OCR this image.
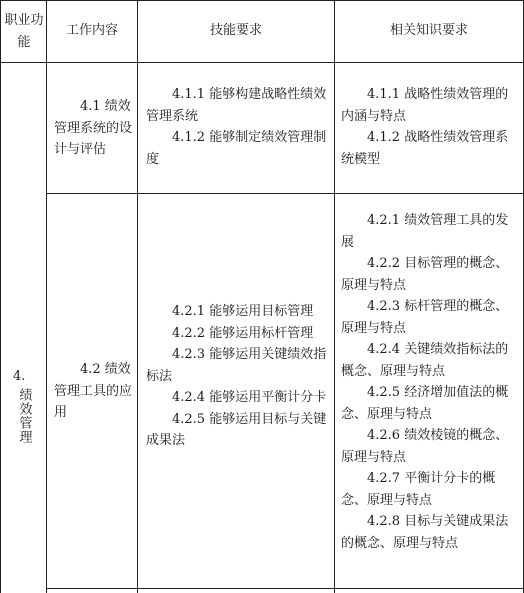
职业功能
工作内容	技能要求	相关知识要求
4.
绩效管理
4.1 绩效管理系统的设计与评估
4.1.1 能够构建战略性绩效管理系统
4.1.2 能够制定绩效管理制度
4.1.1 战略性绩效管理的内涵与特点
4.1.2 战略性绩效管理系统模型
4.2 绩效管理工具的应用
4.2.1 能够运用目标管理
4.2.2 能够运用标杆管理
4.2.3 能够运用关键绩效指标法
4.2.4 能够运用平衡计分卡
4.2.5 能够运用目标与关键成果法
4.2.1 绩效管理工具的发展
4.2.2 目标管理的概念、原理与特点
4.2.3 标杆管理的概念、原理与特点
4.2.4 关键绩效指标法的概念、原理与特点
4.2.5 经济增加值法的概念、原理与特点
4.2.6 绩效棱镜的概念、原理与特点
4.2.7 平衡计分卡的概念、原理与特点
4.2.8 目标与关键成果法的概念、原理与特点
